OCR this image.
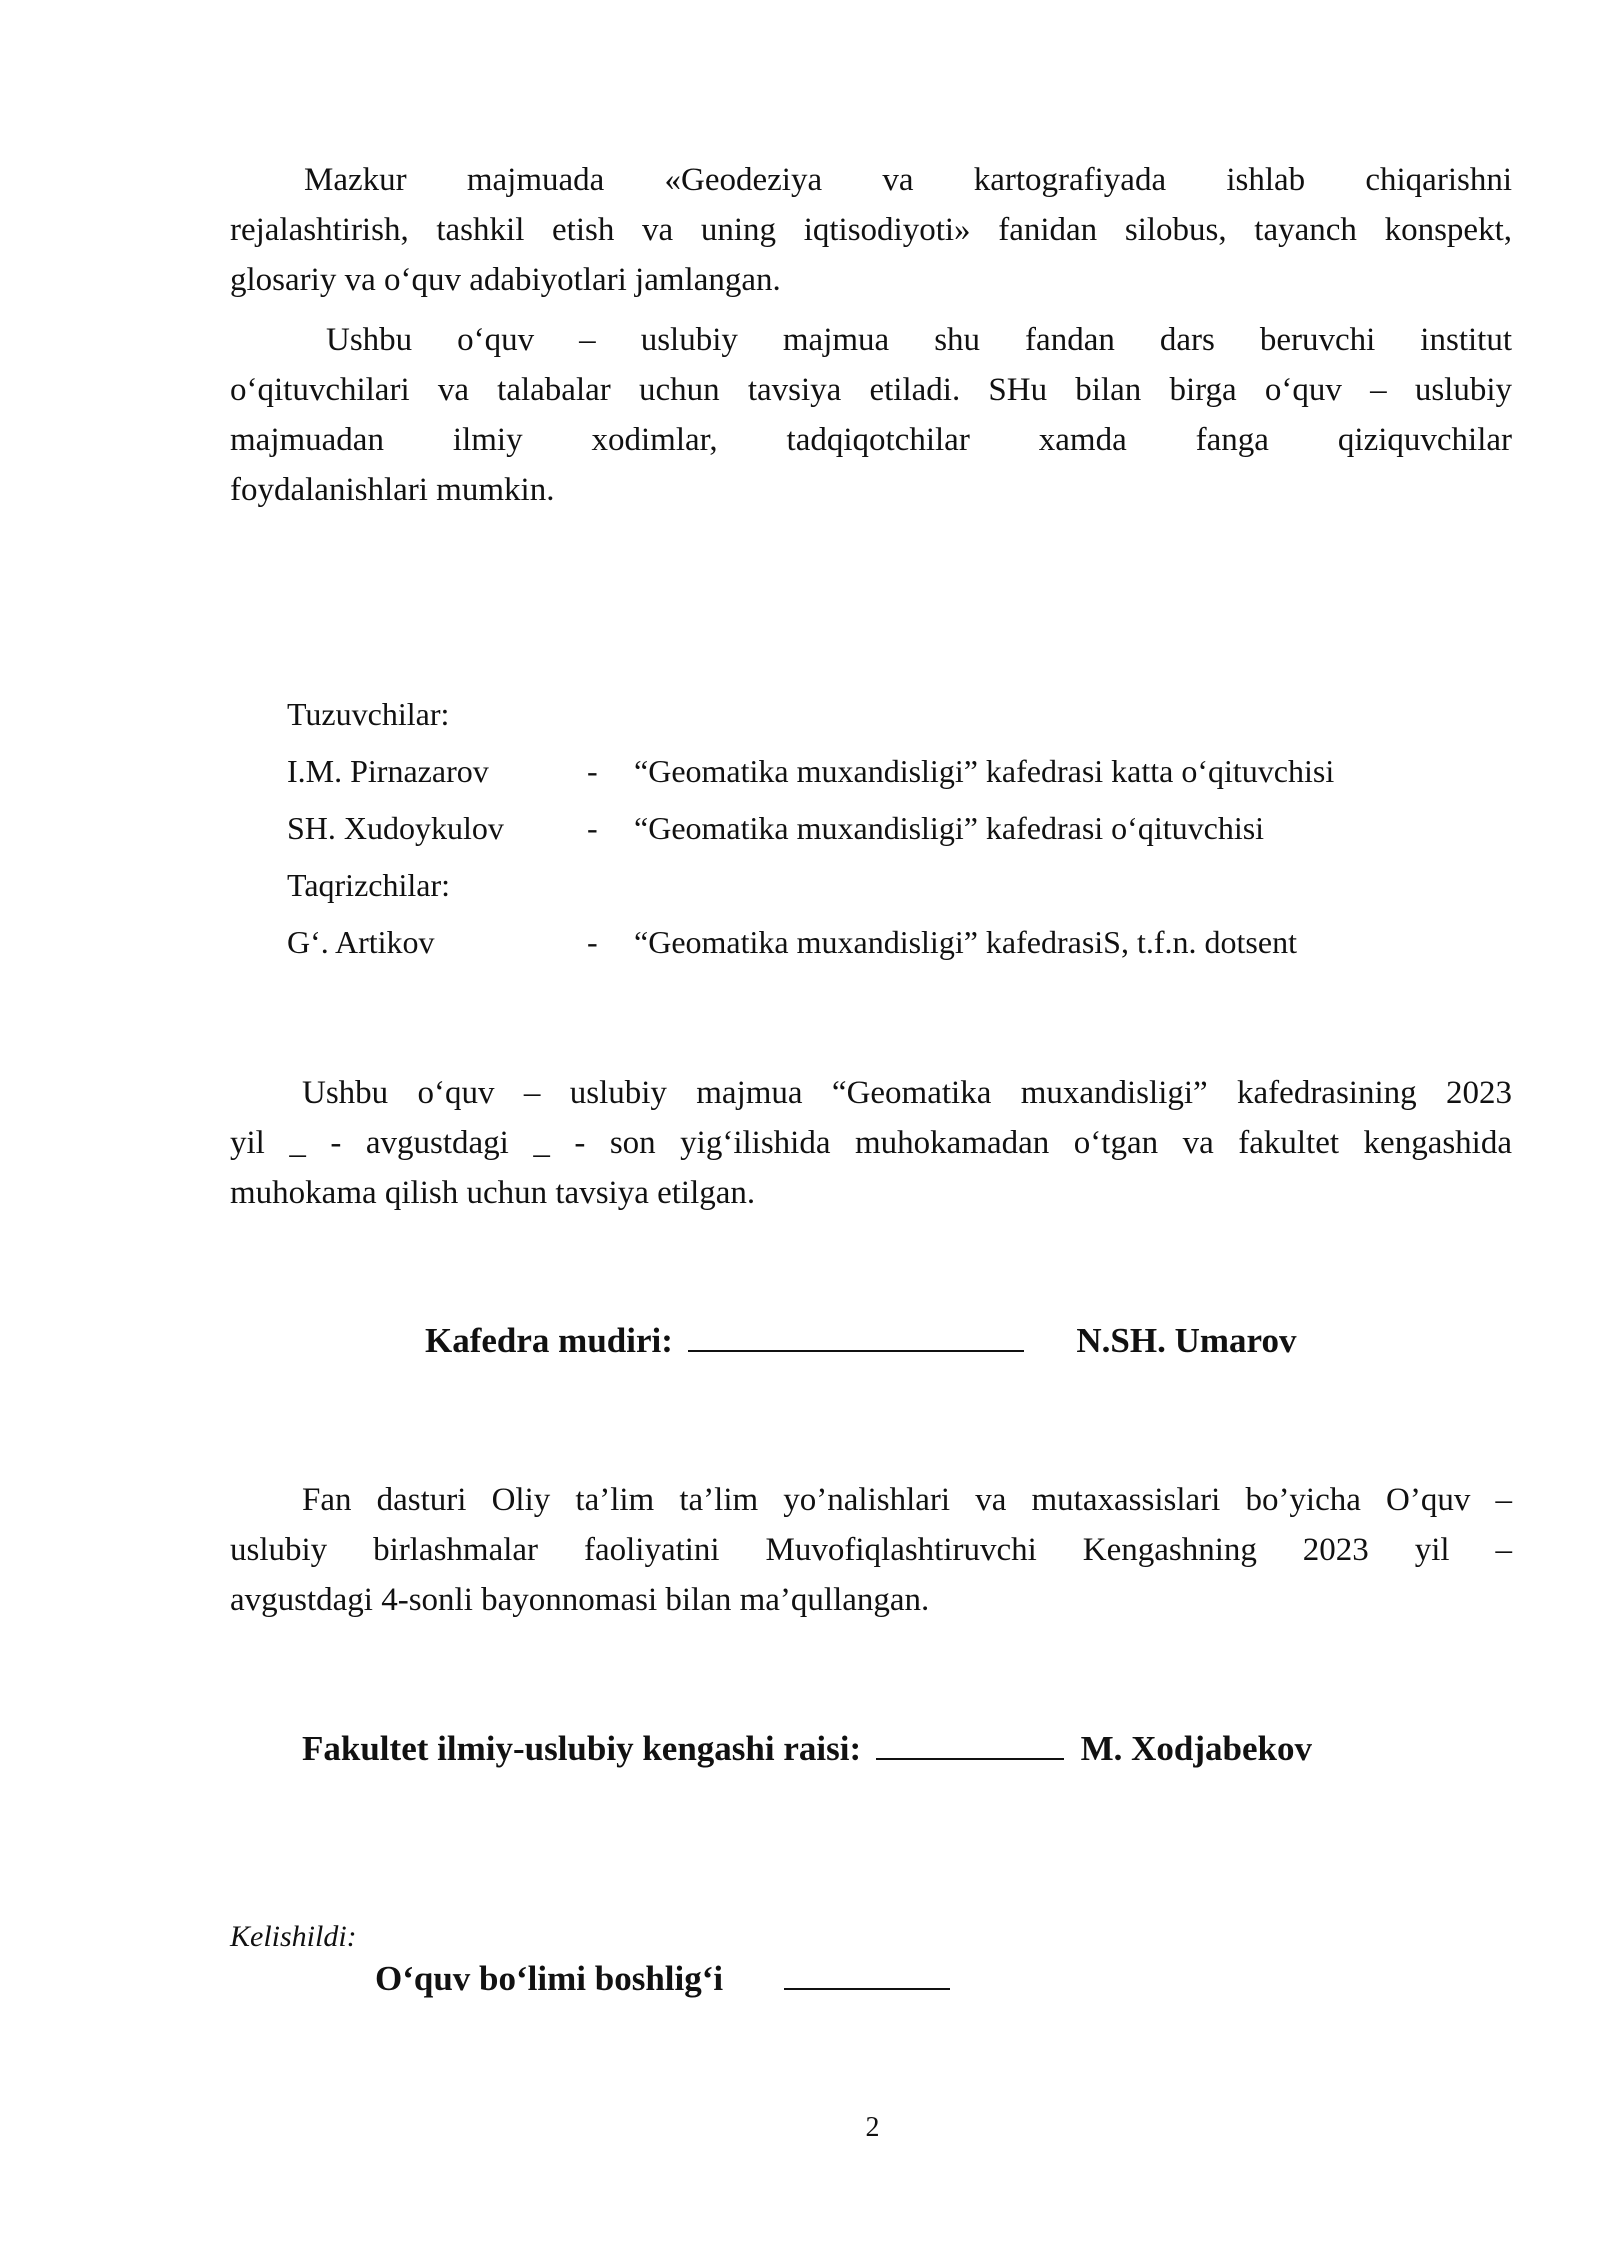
Mazkur majmuada «Geodeziya va kartografiyada ishlab chiqarishni
rejalashtirish, tashkil etish va uning iqtisodiyoti» fanidan silobus, tayanch konspekt,
glosariy va o‘quv adabiyotlari jamlangan.
Ushbu o‘quv – uslubiy majmua shu fandan dars beruvchi institut
o‘qituvchilari va talabalar uchun tavsiya etiladi. SHu bilan birga o‘quv – uslubiy
majmuadan ilmiy xodimlar, tadqiqotchilar xamda fanga qiziquvchilar
foydalanishlari mumkin.
Tuzuvchilar:
I.M. Pirnazarov	- “Geomatika muxandisligi” kafedrasi katta o‘qituvchisi
SH. Xudoykulov	- “Geomatika muxandisligi” kafedrasi o‘qituvchisi
Taqrizchilar:
G‘. Artikov	- “Geomatika muxandisligi” kafedrasiS, t.f.n. dotsent
Ushbu o‘quv – uslubiy majmua “Geomatika muxandisligi” kafedrasining 2023
yil _ - avgustdagi _ - son yig‘ilishida muhokamadan o‘tgan va fakultet kengashida
muhokama qilish uchun tavsiya etilgan.
Kafedra mudiri:	N.SH. Umarov
Fan dasturi Oliy ta’lim ta’lim yo’nalishlari va mutaxassislari bo’yicha O’quv –
uslubiy birlashmalar faoliyatini Muvofiqlashtiruvchi Kengashning 2023 yil –
avgustdagi 4-sonli bayonnomasi bilan ma’qullangan.
Fakultet ilmiy-uslubiy kengashi raisi:	M. Xodjabekov
Kelishildi:
O‘quv bo‘limi boshlig‘i
2
